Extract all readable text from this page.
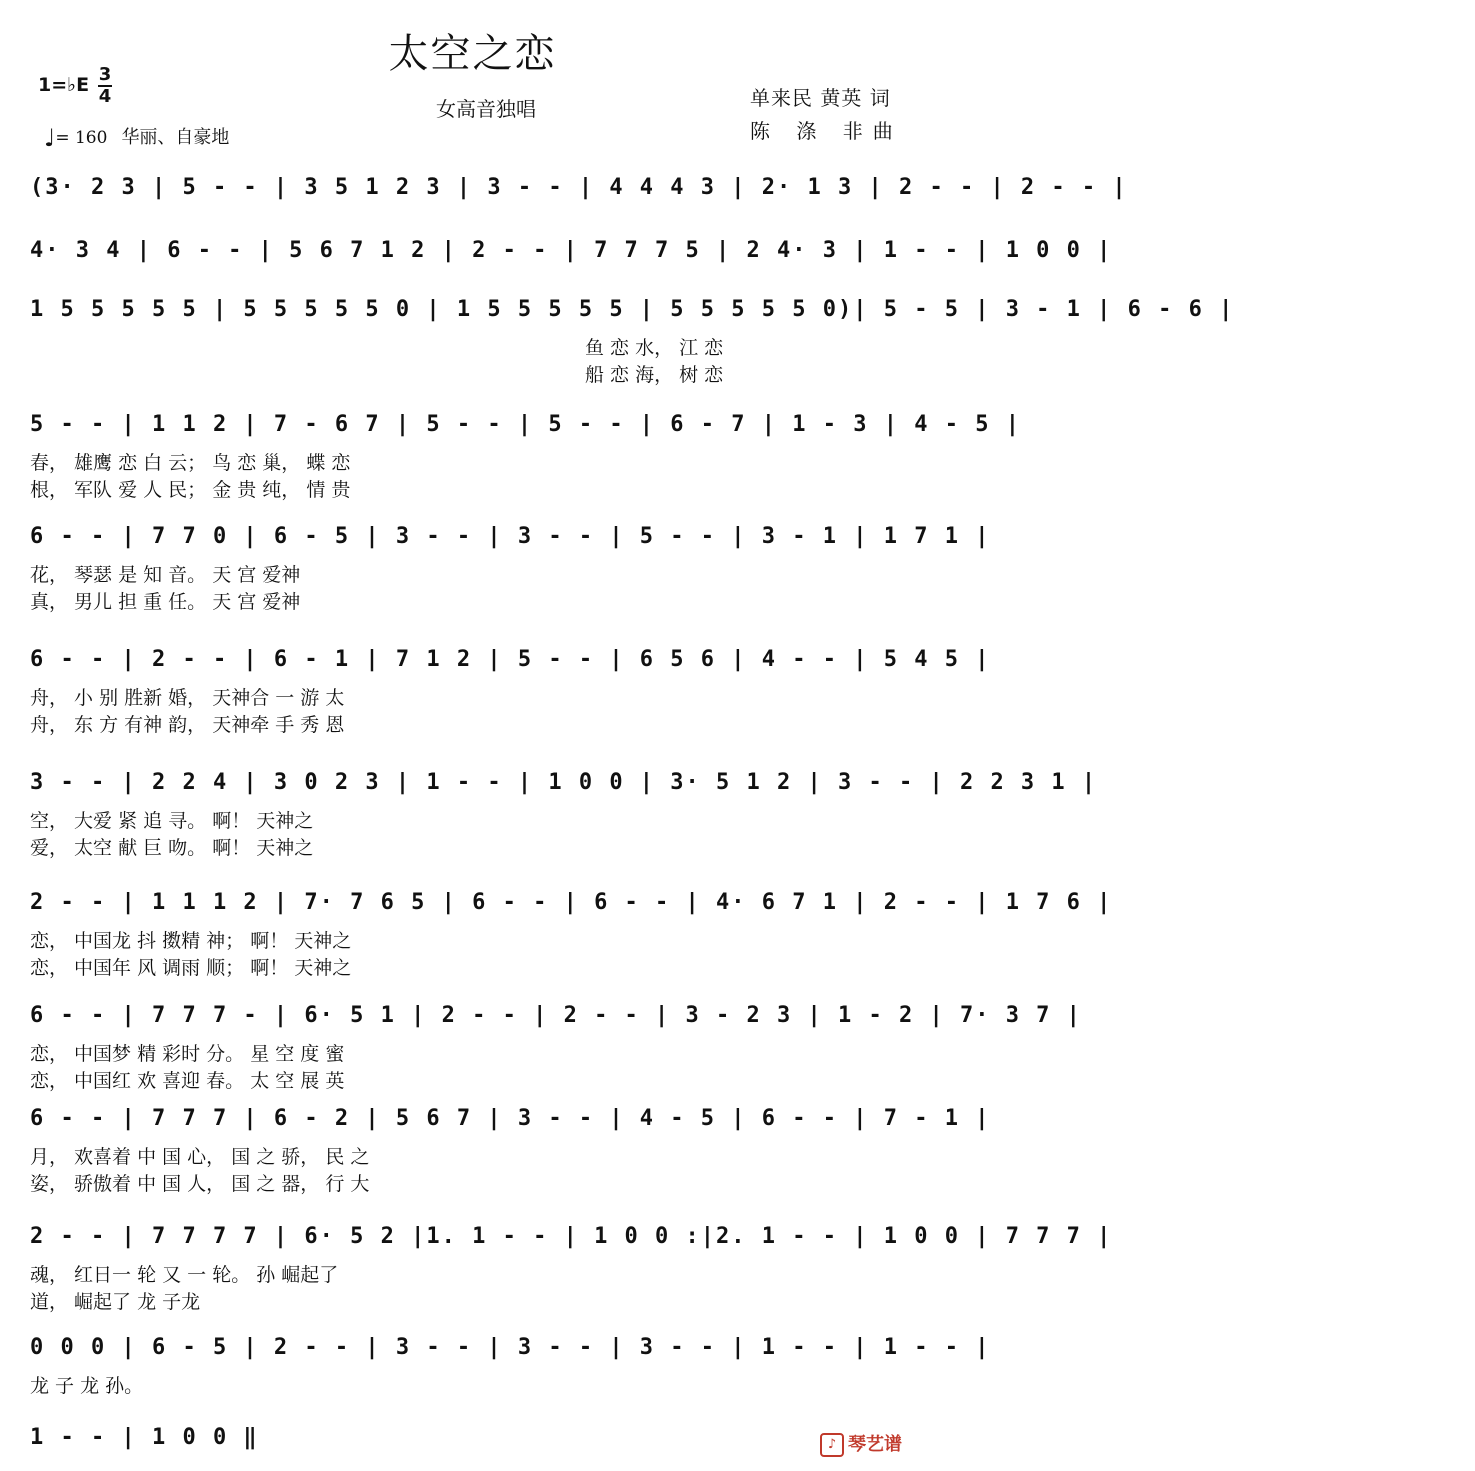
太空之恋
1=♭E 3
4
女高音独唱	单来民 黄英 词
陈 涤 非曲
♩= 160 华丽、自豪地
(3· 2 3 | 5 - - | 3 5 1 2 3 | 3 - - | 4 4 4 3 | 2· 1 3 | 2 - - | 2 - - |
4· 3 4 | 6 - - | 5 6 7 1 2 | 2 - - | 7 7 7 5 | 2 4· 3 | 1 - - | 1 0 0 |
1 5 5 5 5 5 | 5 5 5 5 5 0 | 1 5 5 5 5 5 | 5 5 5 5 5 0)| 5 - 5 | 3 - 1 | 6 - 6 |
鱼 恋 水， 江 恋
船 恋 海， 树 恋
5 - - | 1 1 2 | 7 - 6 7 | 5 - - | 5 - - | 6 - 7 | 1 - 3 | 4 - 5 |
春， 雄鹰 恋 白 云； 鸟 恋 巢， 蝶 恋
根， 军队 爱 人 民； 金 贵 纯， 情 贵
6 - - | 7 7 0 | 6 - 5 | 3 - - | 3 - - | 5 - - | 3 - 1 | 1 7 1 |
花， 琴瑟 是 知 音。 天 宫 爱神
真， 男儿 担 重 任。 天 宫 爱神
6 - - | 2 - - | 6 - 1 | 7 1 2 | 5 - - | 6 5 6 | 4 - - | 5 4 5 |
舟， 小 别 胜新 婚， 天神合 一 游 太
舟， 东 方 有神 韵， 天神牵 手 秀 恩
3 - - | 2 2 4 | 3 0 2 3 | 1 - - | 1 0 0 | 3· 5 1 2 | 3 - - | 2 2 3 1 |
空， 大爱 紧 追 寻。 啊！ 天神之
爱， 太空 献 巨 吻。 啊！ 天神之
2 - - | 1 1 1 2 | 7· 7 6 5 | 6 - - | 6 - - | 4· 6 7 1 | 2 - - | 1 7 6 |
恋， 中国龙 抖 擞精 神； 啊！ 天神之
恋， 中国年 风 调雨 顺； 啊！ 天神之
6 - - | 7 7 7 - | 6· 5 1 | 2 - - | 2 - - | 3 - 2 3 | 1 - 2 | 7· 3 7 |
恋， 中国梦 精 彩时 分。 星 空 度 蜜
恋， 中国红 欢 喜迎 春。 太 空 展 英
6 - - | 7 7 7 | 6 - 2 | 5 6 7 | 3 - - | 4 - 5 | 6 - - | 7 - 1 |
月， 欢喜着 中 国 心， 国 之 骄， 民 之
姿， 骄傲着 中 国 人， 国 之 器， 行 大
2 - - | 7 7 7 7 | 6· 5 2 |1. 1 - - | 1 0 0 :|2. 1 - - | 1 0 0 | 7 7 7 |
魂， 红日一 轮 又 一 轮。 孙 崛起了
道， 崛起了 龙 子龙
0 0 0 | 6 - 5 | 2 - - | 3 - - | 3 - - | 3 - - | 1 - - | 1 - - |
龙 子 龙 孙。
1 - - | 1 0 0 ‖	♪ 琴艺谱
